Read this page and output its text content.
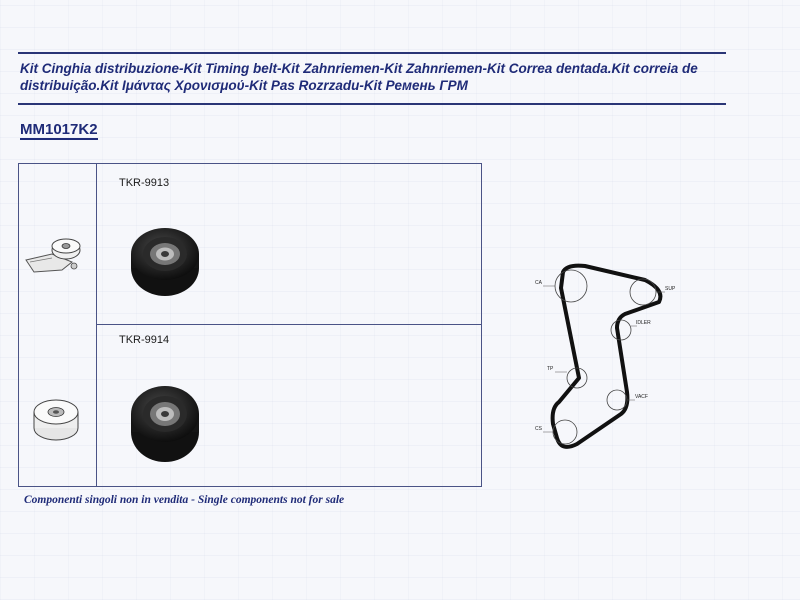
Kit Cinghia distribuzione-Kit Timing belt-Kit Zahnriemen-Kit Zahnriemen-Kit Correa dentada.Kit correia de distribuição.Kit Ιμάντας Χρονισμού-Kit Pas Rozrzadu-Kit Ремень ГРМ
MM1017K2
TKR-9913
TKR-9914
CA
SUP
IDLER
TP
VACF
CS
Componenti singoli non in vendita - Single components not for sale
